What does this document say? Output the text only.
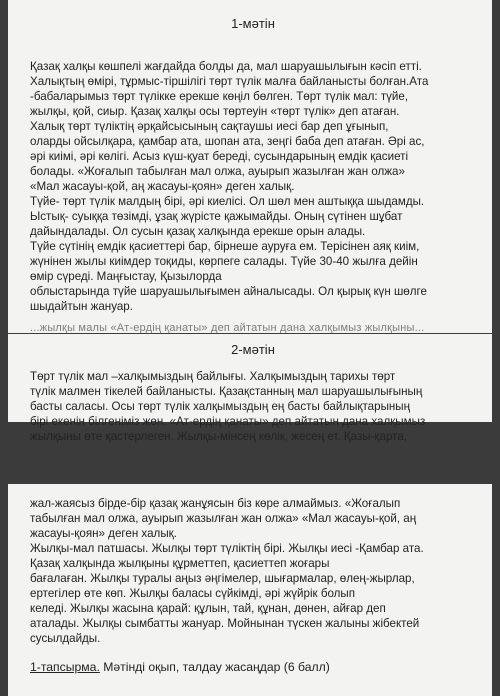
1-мәтін
Қазақ халқы көшпелі жағдайда болды да, мал шаруашылығын кәсіп етті.
Халықтың өмірі, тұрмыс-тіршілігі төрт түлік малға байланысты болған.Ата
-бабаларымыз төрт түлікке ерекше көңіл бөлген. Төрт түлік мал: түйе,
жылқы, қой, сиыр. Қазақ халқы осы төртеуін «төрт түлік» деп атаған.
Халық төрт түліктің әрқайсысының сақтаушы иесі бар деп ұғынып,
оларды ойсылқара, қамбар ата, шопан ата, зеңгі баба деп атаған. Әрі ас,
әрі киімі, әрі көлігі. Асыз күш-қуат береді, сусындарының емдік қасиеті
болады. «Жоғалып табылған мал олжа, ауырып жазылған жан олжа»
«Мал жасауы-қой, аң жасауы-қоян» деген халық.
Түйе- төрт түлік малдың бірі, әрі киелісі. Ол шөл мен аштыққа шыдамды.
Ыстық- суыққа төзімді, ұзақ жүрісте қажымайды. Оның сүтінен шұбат
дайындалады. Ол сусын қазақ халқында ерекше орын алады.
Түйе сүтінің емдік қасиеттері бар, бірнеше ауруға ем. Терісінен аяқ киім,
жүнінен жылы киімдер тоқиды, көрпеге салады. Түйе 30-40 жылға дейін
өмір сүреді. Маңғыстау, Қызылорда
облыстарында түйе шаруашылығымен айналысады. Ол қырық күн шөлге
шыдайтын жануар.
...жылқы малы «Ат-ердің қанаты» деп айтатын дана халқымыз жылқыны...
2-мәтін
Төрт түлік мал –халқымыздың байлығы. Халқымыздың тарихы төрт
түлік малмен тікелей байланысты. Қазақстанның мал шаруашылығының
басты саласы. Осы төрт түлік халқымыздың ең басты байлықтарының
бірі екенін білгеніміз жөн. «Ат-ердің қанаты» деп айтатын дана халқымыз
жылқыны өте қастерлеген. Жылқы-мінсең көлік, жесең ет. Қазы-қарта,
жал-жаясыз бірде-бір қазақ жанұясын біз көре алмаймыз. «Жоғалып
табылған мал олжа, ауырып жазылған жан олжа» «Мал жасауы-қой, аң
жасауы-қоян» деген халық.
Жылқы-мал патшасы. Жылқы төрт түліктің бірі. Жылқы иесі -Қамбар ата.
Қазақ халқында жылқыны құрметтеп, қасиеттеп жоғары
бағалаған. Жылқы туралы аңыз әңгімелер, шығармалар, өлең-жырлар,
ертегілер өте көп. Жылқы баласы сүйкімді, әрі жүйрік болып
келеді. Жылқы жасына қарай: құлын, тай, құнан, дөнен, айғар деп
аталады. Жылқы сымбатты жануар. Мойнынан түскен жалыны жібектей
сусылдайды.
1-тапсырма. Мәтінді оқып, талдау жасаңдар (6 балл)
